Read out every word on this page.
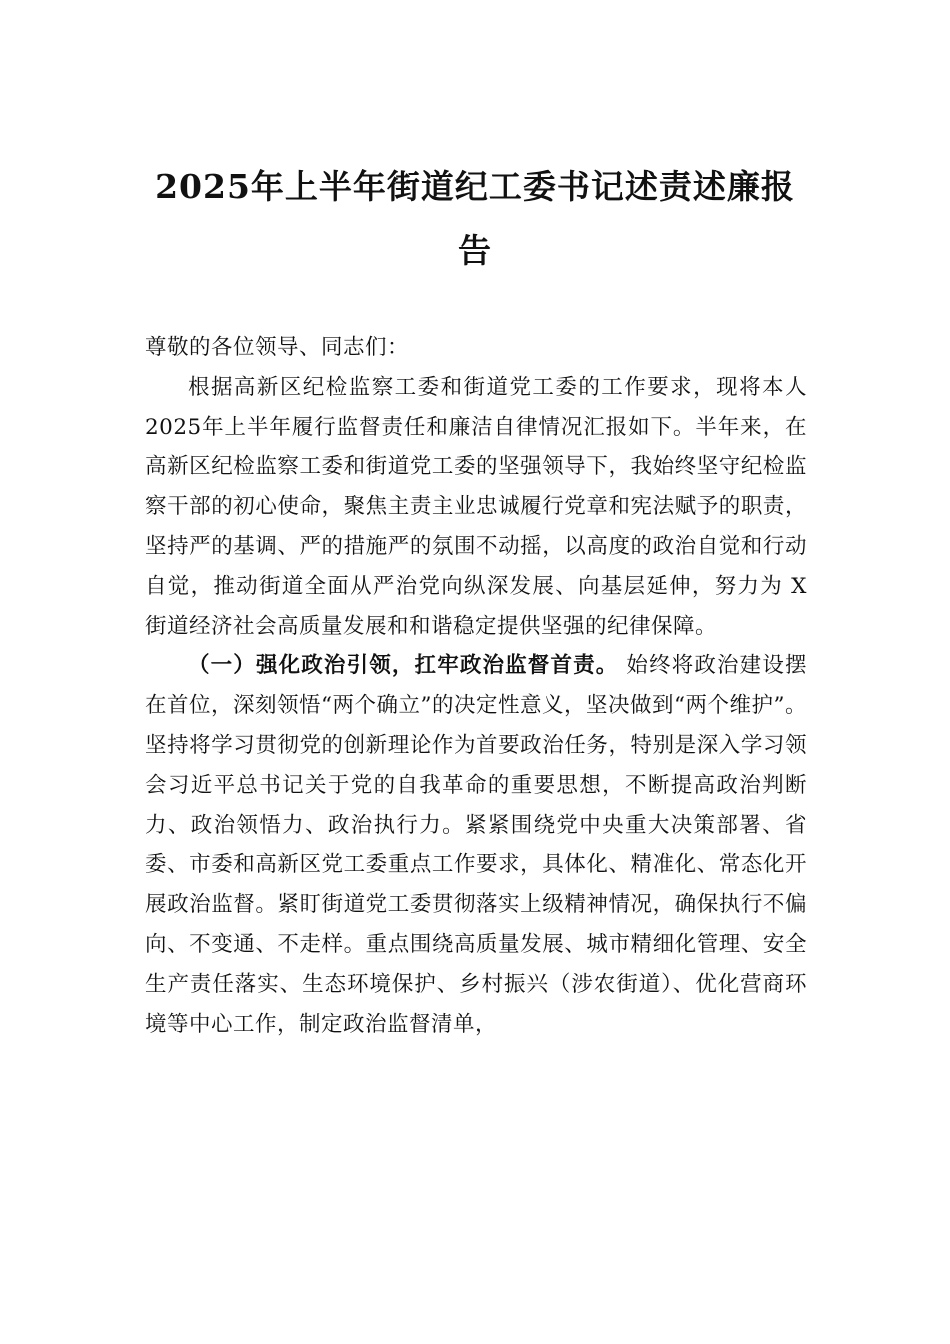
2025年上半年街道纪工委书记述责述廉报告

尊敬的各位领导、同志们：

根据高新区纪检监察工委和街道党工委的工作要求，现将本人 2025年上半年履行监督责任和廉洁自律情况汇报如下。半年来，在高新区纪检监察工委和街道党工委的坚强领导下，我始终坚守纪检监察干部的初心使命，聚焦主责主业忠诚履行党章和宪法赋予的职责，坚持严的基调、严的措施严的氛围不动摇，以高度的政治自觉和行动自觉，推动街道全面从严治党向纵深发展、向基层延伸，努力为 X 街道经济社会高质量发展和和谐稳定提供坚强的纪律保障。

（一）强化政治引领，扛牢政治监督首责。 始终将政治建设摆在首位，深刻领悟“两个确立”的决定性意义，坚决做到“两个维护”。坚持将学习贯彻党的创新理论作为首要政治任务，特别是深入学习领会习近平总书记关于党的自我革命的重要思想，不断提高政治判断力、政治领悟力、政治执行力。紧紧围绕党中央重大决策部署、省委、市委和高新区党工委重点工作要求，具体化、精准化、常态化开展政治监督。紧盯街道党工委贯彻落实上级精神情况，确保执行不偏向、不变通、不走样。重点围绕高质量发展、城市精细化管理、安全生产责任落实、生态环境保护、乡村振兴（涉农街道）、优化营商环境等中心工作，制定政治监督清单，
